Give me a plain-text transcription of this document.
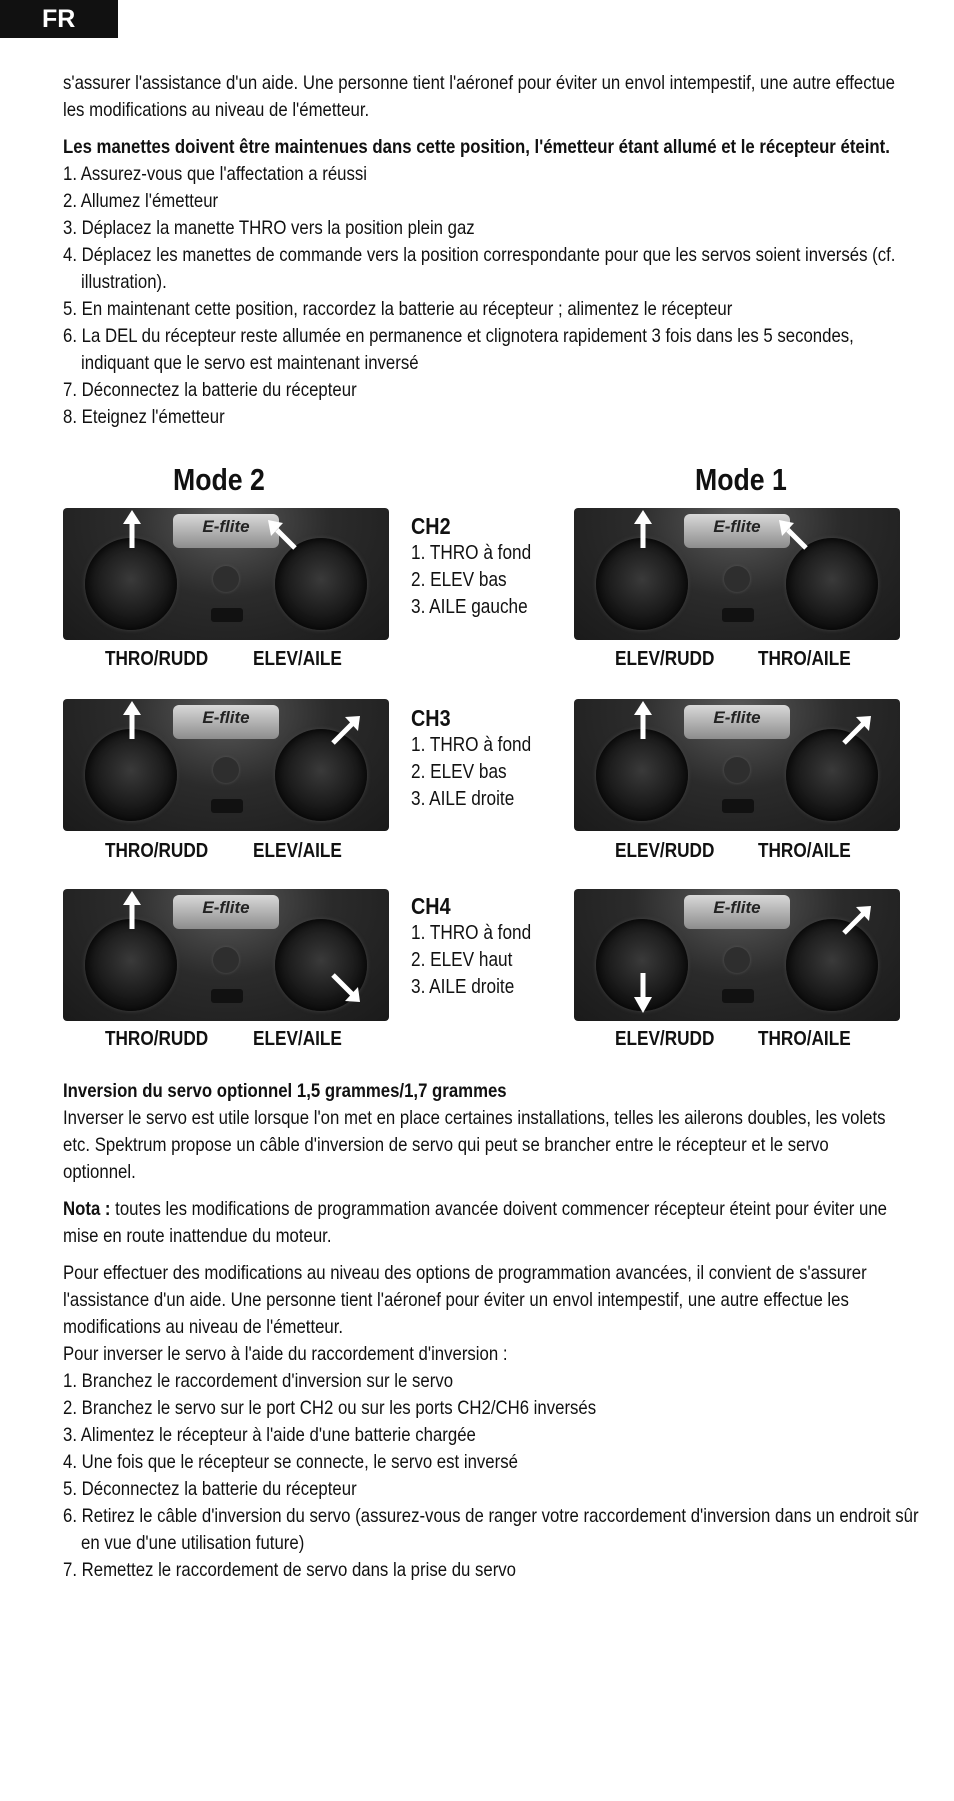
FR

s'assurer l'assistance d'un aide. Une personne tient l'aéronef pour éviter un envol intempestif, une autre effectue les modifications au niveau de l'émetteur.

Les manettes doivent être maintenues dans cette position, l'émetteur étant allumé et le récepteur éteint.

1. Assurez-vous que l'affectation a réussi
2. Allumez l'émetteur
3. Déplacez la manette THRO vers la position plein gaz
4. Déplacez les manettes de commande vers la position correspondante pour que les servos soient inversés (cf. illustration).
5. En maintenant cette position, raccordez la batterie au récepteur ; alimentez le récepteur
6. La DEL du récepteur reste allumée en permanence et clignotera rapidement 3 fois dans les 5 secondes, indiquant que le servo est maintenant inversé
7. Déconnectez la batterie du récepteur
8. Eteignez l'émetteur
Mode 2	Mode 1
E-flite
THRO/RUDD ELEV/AILE
CH2
1. THRO à fond
2. ELEV bas
3. AILE gauche
E-flite
ELEV/RUDD THRO/AILE
E-flite
THRO/RUDD ELEV/AILE
CH3
1. THRO à fond
2. ELEV bas
3. AILE droite
E-flite
ELEV/RUDD THRO/AILE
E-flite
THRO/RUDD ELEV/AILE
CH4
1. THRO à fond
2. ELEV haut
3. AILE droite
E-flite
ELEV/RUDD THRO/AILE

Inversion du servo optionnel 1,5 grammes/1,7 grammes

Inverser le servo est utile lorsque l'on met en place certaines installations, telles les ailerons doubles, les volets etc. Spektrum propose un câble d'inversion de servo qui peut se brancher entre le récepteur et le servo optionnel.

Nota : toutes les modifications de programmation avancée doivent commencer récepteur éteint pour éviter une mise en route inattendue du moteur.

Pour effectuer des modifications au niveau des options de programmation avancées, il convient de s'assurer l'assistance d'un aide. Une personne tient l'aéronef pour éviter un envol intempestif, une autre effectue les modifications au niveau de l'émetteur.

Pour inverser le servo à l'aide du raccordement d'inversion :

1. Branchez le raccordement d'inversion sur le servo
2. Branchez le servo sur le port CH2 ou sur les ports CH2/CH6 inversés
3. Alimentez le récepteur à l'aide d'une batterie chargée
4. Une fois que le récepteur se connecte, le servo est inversé
5. Déconnectez la batterie du récepteur
6. Retirez le câble d'inversion du servo (assurez-vous de ranger votre raccordement d'inversion dans un endroit sûr en vue d'une utilisation future)
7. Remettez le raccordement de servo dans la prise du servo
